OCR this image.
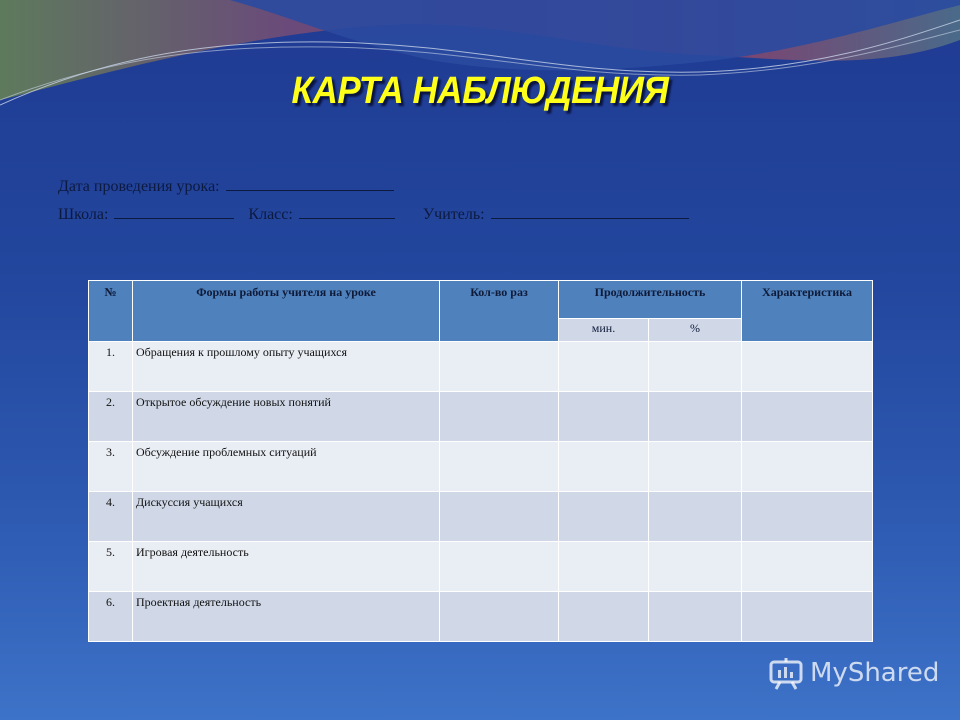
КАРТА НАБЛЮДЕНИЯ
Дата проведения урока:
Школа:	Класс:	Учитель:
№	Формы работы учителя на уроке	Кол-во раз	Продолжительность		Характеристика
			мин.	%	
1.	Обращения к прошлому опыту учащихся				
2.	Открытое обсуждение новых понятий				
3.	Обсуждение проблемных ситуаций				
4.	Дискуссия учащихся				
5.	Игровая деятельность				
6.	Проектная деятельность				
MyShared
